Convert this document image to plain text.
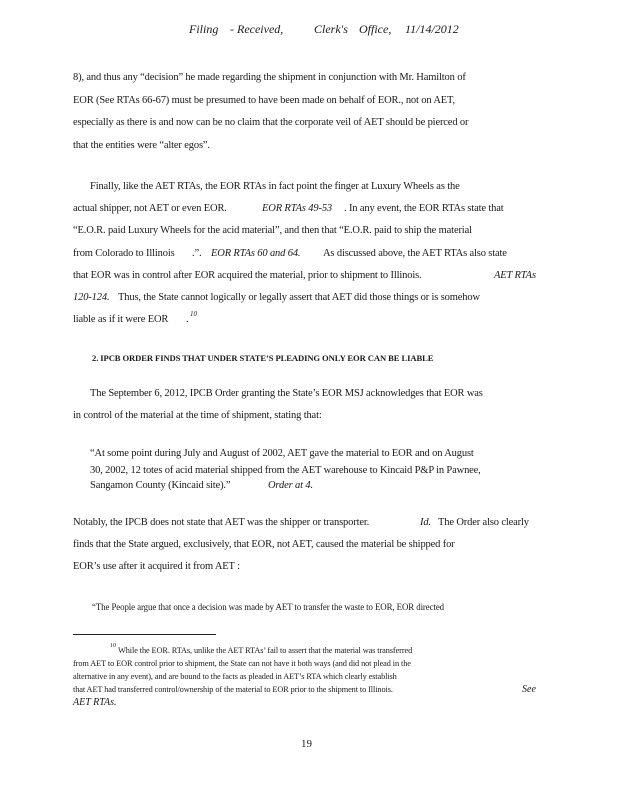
Filing - Received,	Clerk's Office, 11/14/2012
8), and thus any “decision” he made regarding the shipment in conjunction with Mr. Hamilton of
EOR (See RTAs 66-67) must be presumed to have been made on behalf of EOR., not on AET,
especially as there is and now can be no claim that the corporate veil of AET should be pierced or
that the entities were “alter egos”.
Finally, like the AET RTAs, the EOR RTAs in fact point the finger at Luxury Wheels as the
actual shipper, not AET or even EOR.	EOR RTAs 49-53 . In any event, the EOR RTAs state that
“E.O.R. paid Luxury Wheels for the acid material”, and then that “E.O.R. paid to ship the material
from Colorado to Illinois .”. EOR RTAs 60 and 64. As discussed above, the AET RTAs also state
that EOR was in control after EOR acquired the material, prior to shipment to Illinois.	AET RTAs
120-124. Thus, the State cannot logically or legally assert that AET did those things or is somehow
liable as if it were EOR . 10
2. IPCB ORDER FINDS THAT UNDER STATE’S PLEADING ONLY EOR CAN BE LIABLE
The September 6, 2012, IPCB Order granting the State’s EOR MSJ acknowledges that EOR was
in control of the material at the time of shipment, stating that:
“At some point during July and August of 2002, AET gave the material to EOR and on August
30, 2002, 12 totes of acid material shipped from the AET warehouse to Kincaid P&P in Pawnee,
Sangamon County (Kincaid site).”	Order at 4.
Notably, the IPCB does not state that AET was the shipper or transporter.	Id. The Order also clearly
finds that the State argued, exclusively, that EOR, not AET, caused the material be shipped for
EOR’s use after it acquired it from AET :
“The People argue that once a decision was made by AET to transfer the waste to EOR, EOR directed
10 While the EOR. RTAs, unlike the AET RTAs’ fail to assert that the material was transferred
from AET to EOR control prior to shipment, the State can not have it both ways (and did not plead in the
alternative in any event), and are bound to the facts as pleaded in AET’s RTA which clearly establish
that AET had transferred control/ownership of the material to EOR prior to the shipment to Illinois.	See
AET RTAs.
19
